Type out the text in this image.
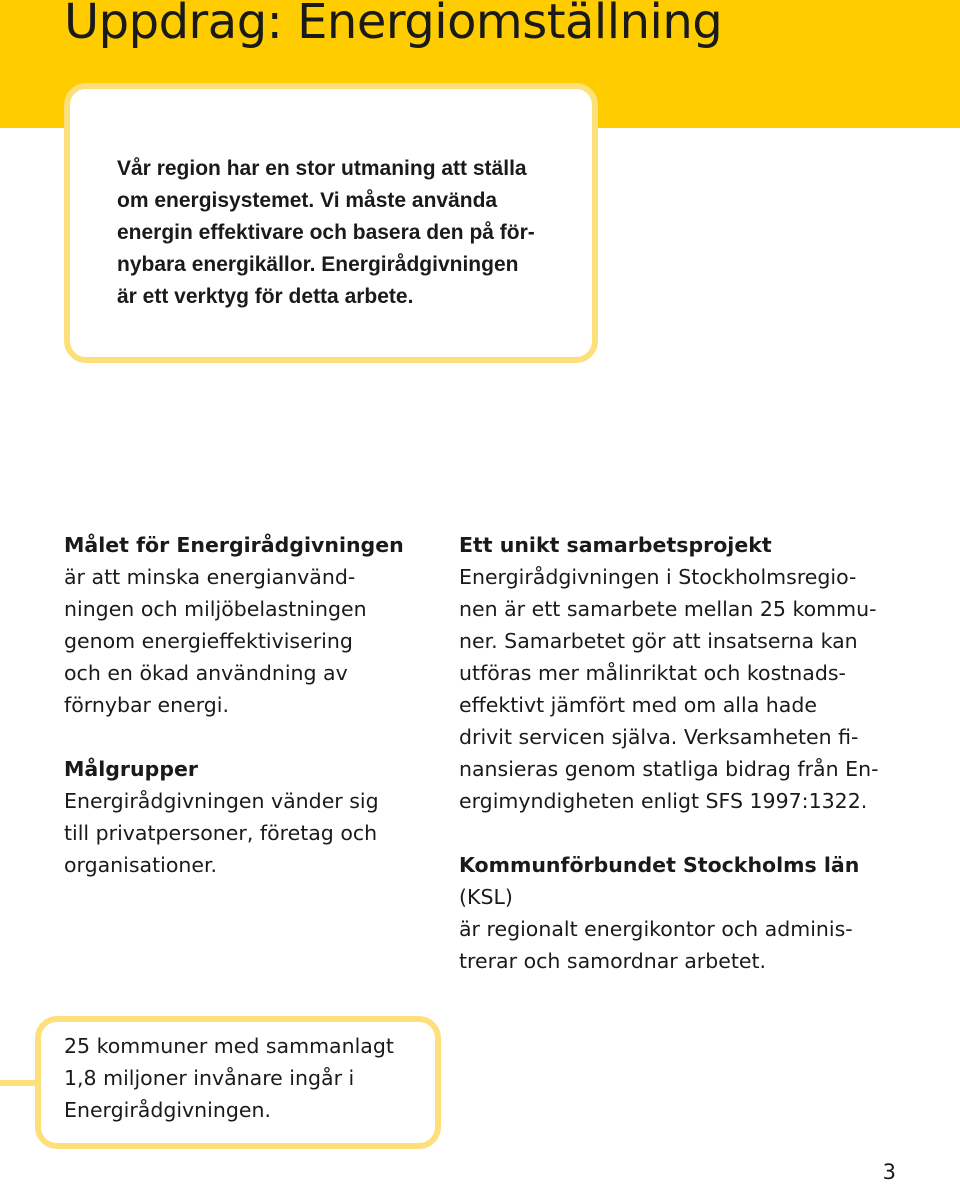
Uppdrag: Energiomställning

Vår region har en stor utmaning att ställa
om energisystemet. Vi måste använda
energin effektivare och basera den på för-
nybara energikällor. Energirådgivningen
är ett verktyg för detta arbete.

Målet för Energirådgivningen
är att minska energianvänd-
ningen och miljöbelastningen
genom energieffektivisering
och en ökad användning av
förnybar energi.

Målgrupper
Energirådgivningen vänder sig
till privatpersoner, företag och
organisationer.

Ett unikt samarbetsprojekt
Energirådgivningen i Stockholmsregio-
nen är ett samarbete mellan 25 kommu-
ner. Samarbetet gör att insatserna kan
utföras mer målinriktat och kostnads-
effektivt jämfört med om alla hade
drivit servicen själva. Verksamheten fi-
nansieras genom statliga bidrag från En-
ergimyndigheten enligt SFS 1997:1322.

Kommunförbundet Stockholms län (KSL)
är regionalt energikontor och adminis-
trerar och samordnar arbetet.

25 kommuner med sammanlagt
1,8 miljoner invånare ingår i
Energirådgivningen.

3
